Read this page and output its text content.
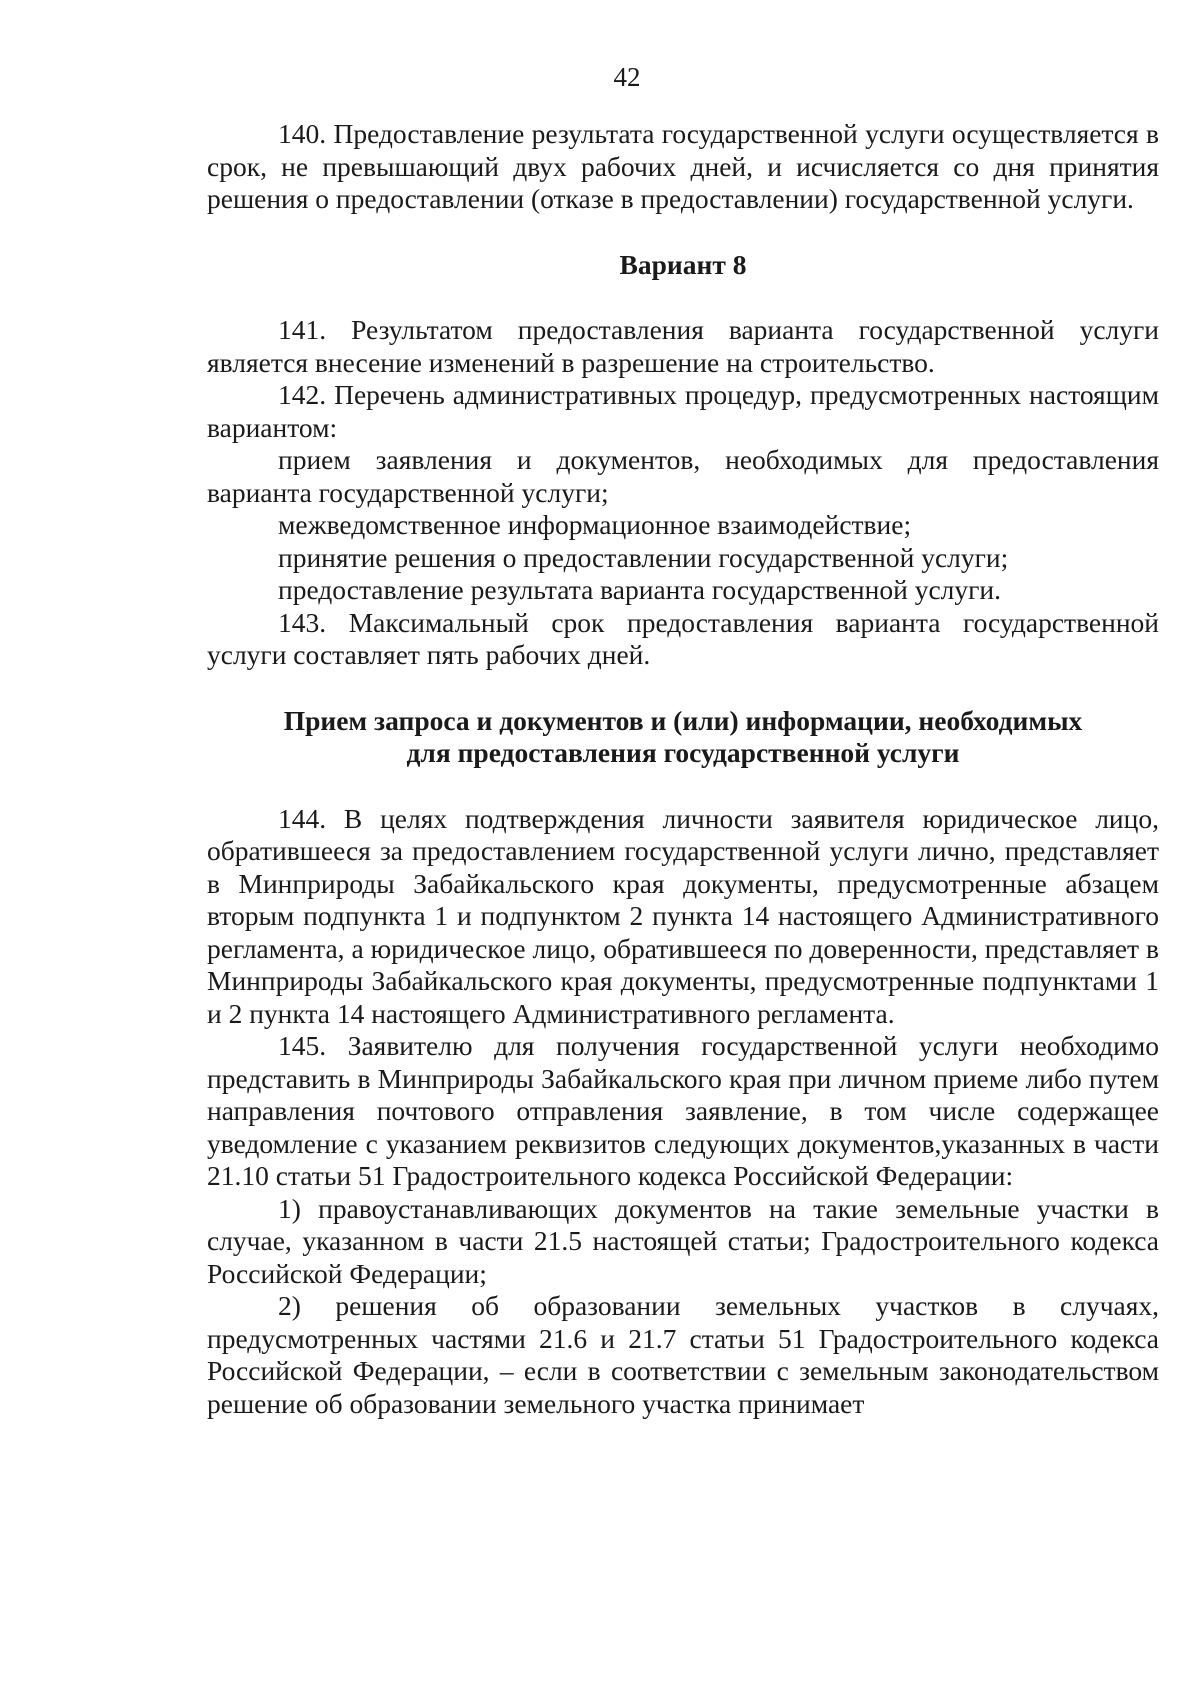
42

140. Предоставление результата государственной услуги осуществляется в срок, не превышающий двух рабочих дней, и исчисляется со дня принятия решения о предоставлении (отказе в предоставлении) государственной услуги.

Вариант 8

141. Результатом предоставления варианта государственной услуги является внесение изменений в разрешение на строительство.

142. Перечень административных процедур, предусмотренных настоящим вариантом:

прием заявления и документов, необходимых для предоставления варианта государственной услуги;

межведомственное информационное взаимодействие;

принятие решения о предоставлении государственной услуги;

предоставление результата варианта государственной услуги.

143. Максимальный срок предоставления варианта государственной услуги составляет пять рабочих дней.

Прием запроса и документов и (или) информации, необходимых

для предоставления государственной услуги

144. В целях подтверждения личности заявителя юридическое лицо, обратившееся за предоставлением государственной услуги лично, представляет в Минприроды Забайкальского края документы, предусмотренные абзацем вторым подпункта 1 и подпунктом 2 пункта 14 настоящего Административного регламента, а юридическое лицо, обратившееся по доверенности, представляет в Минприроды Забайкальского края документы, предусмотренные подпунктами 1 и 2 пункта 14 настоящего Административного регламента.

145. Заявителю для получения государственной услуги необходимо представить в Минприроды Забайкальского края при личном приеме либо путем направления почтового отправления заявление, в том числе содержащее уведомление с указанием реквизитов следующих документов,указанных в части 21.10 статьи 51 Градостроительного кодекса Российской Федерации:

1) правоустанавливающих документов на такие земельные участки в случае, указанном в части 21.5 настоящей статьи; Градостроительного кодекса Российской Федерации;

2) решения об образовании земельных участков в случаях, предусмотренных частями 21.6 и 21.7 статьи 51 Градостроительного кодекса Российской Федерации, – если в соответствии с земельным законодательством решение об образовании земельного участка принимает
